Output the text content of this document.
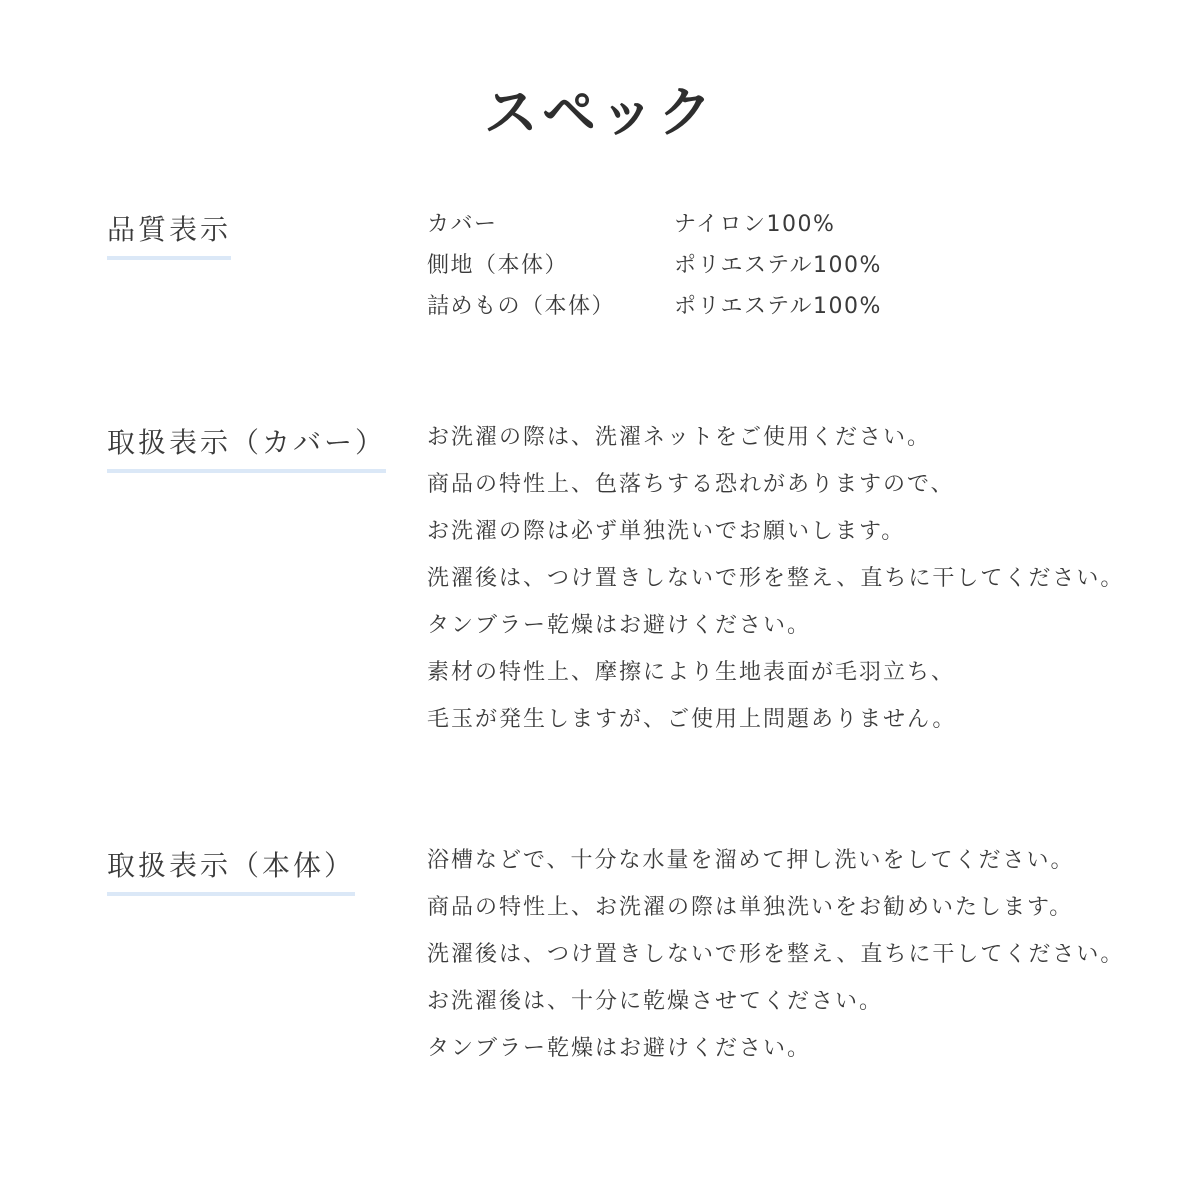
スペック
品質表示	カバー	ナイロン100%
側地（本体）	ポリエステル100%
詰めもの（本体）	ポリエステル100%
取扱表示（カバー） お洗濯の際は、洗濯ネットをご使用ください。
商品の特性上、色落ちする恐れがありますので、
お洗濯の際は必ず単独洗いでお願いします。
洗濯後は、つけ置きしないで形を整え、直ちに干してください。
タンブラー乾燥はお避けください。
素材の特性上、摩擦により生地表面が毛羽立ち、
毛玉が発生しますが、ご使用上問題ありません。
取扱表示（本体）	浴槽などで、十分な水量を溜めて押し洗いをしてください。
商品の特性上、お洗濯の際は単独洗いをお勧めいたします。
洗濯後は、つけ置きしないで形を整え、直ちに干してください。
お洗濯後は、十分に乾燥させてください。
タンブラー乾燥はお避けください。
